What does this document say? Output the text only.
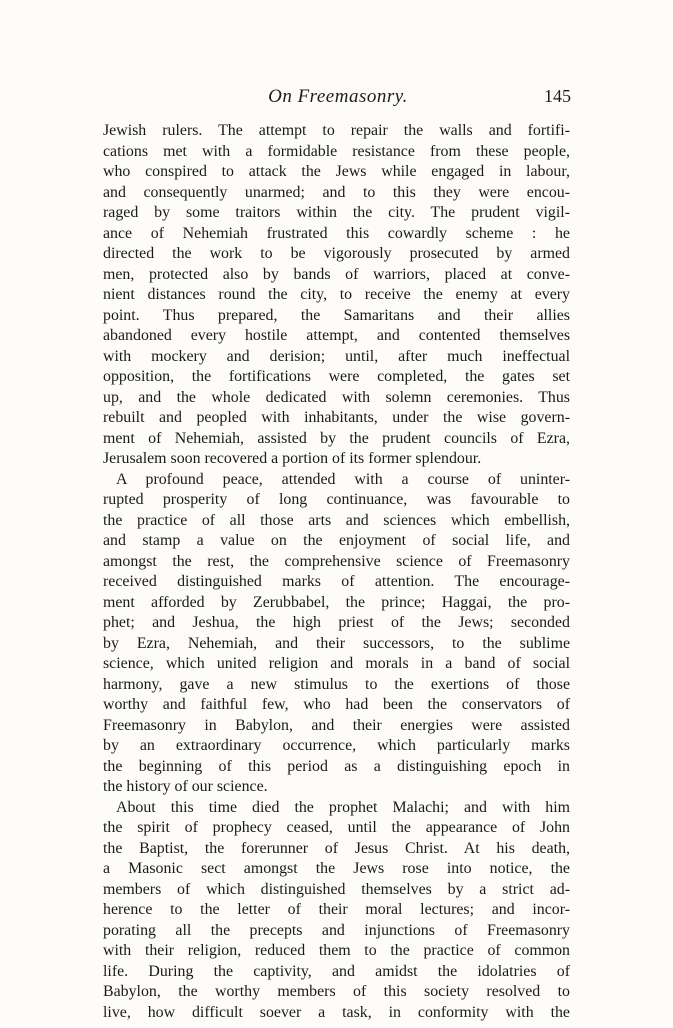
On Freemasonry.	145
Jewish rulers. The attempt to repair the walls and fortifi-
cations met with a formidable resistance from these people,
who conspired to attack the Jews while engaged in labour,
and consequently unarmed; and to this they were encou-
raged by some traitors within the city. The prudent vigil-
ance of Nehemiah frustrated this cowardly scheme : he
directed the work to be vigorously prosecuted by armed
men, protected also by bands of warriors, placed at conve-
nient distances round the city, to receive the enemy at every
point. Thus prepared, the Samaritans and their allies
abandoned every hostile attempt, and contented themselves
with mockery and derision; until, after much ineffectual
opposition, the fortifications were completed, the gates set
up, and the whole dedicated with solemn ceremonies. Thus
rebuilt and peopled with inhabitants, under the wise govern-
ment of Nehemiah, assisted by the prudent councils of Ezra,
Jerusalem soon recovered a portion of its former splendour.
A profound peace, attended with a course of uninter-
rupted prosperity of long continuance, was favourable to
the practice of all those arts and sciences which embellish,
and stamp a value on the enjoyment of social life, and
amongst the rest, the comprehensive science of Freemasonry
received distinguished marks of attention. The encourage-
ment afforded by Zerubbabel, the prince; Haggai, the pro-
phet; and Jeshua, the high priest of the Jews; seconded
by Ezra, Nehemiah, and their successors, to the sublime
science, which united religion and morals in a band of social
harmony, gave a new stimulus to the exertions of those
worthy and faithful few, who had been the conservators of
Freemasonry in Babylon, and their energies were assisted
by an extraordinary occurrence, which particularly marks
the beginning of this period as a distinguishing epoch in
the history of our science.
About this time died the prophet Malachi; and with him
the spirit of prophecy ceased, until the appearance of John
the Baptist, the forerunner of Jesus Christ. At his death,
a Masonic sect amongst the Jews rose into notice, the
members of which distinguished themselves by a strict ad-
herence to the letter of their moral lectures; and incor-
porating all the precepts and injunctions of Freemasonry
with their religion, reduced them to the practice of common
life. During the captivity, and amidst the idolatries of
Babylon, the worthy members of this society resolved to
live, how difficult soever a task, in conformity with the
